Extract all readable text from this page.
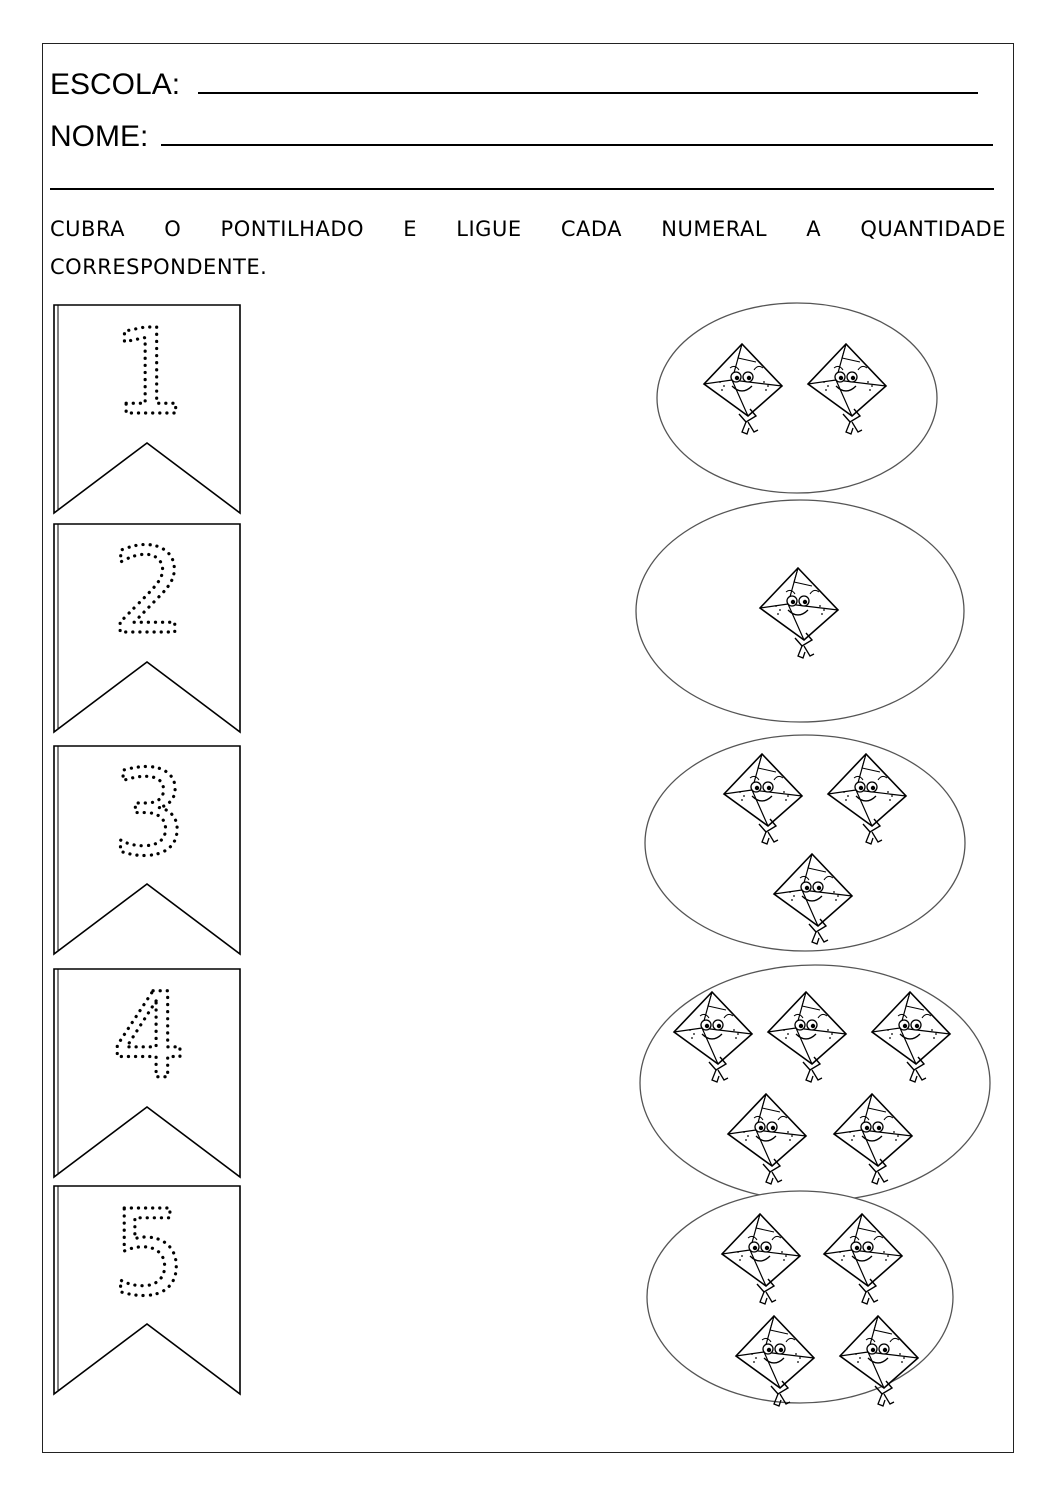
ESCOLA:
NOME:
CUBRA O PONTILHADO E LIGUE CADA NUMERAL A QUANTIDADE
CORRESPONDENTE.
1
2
3
4
5
